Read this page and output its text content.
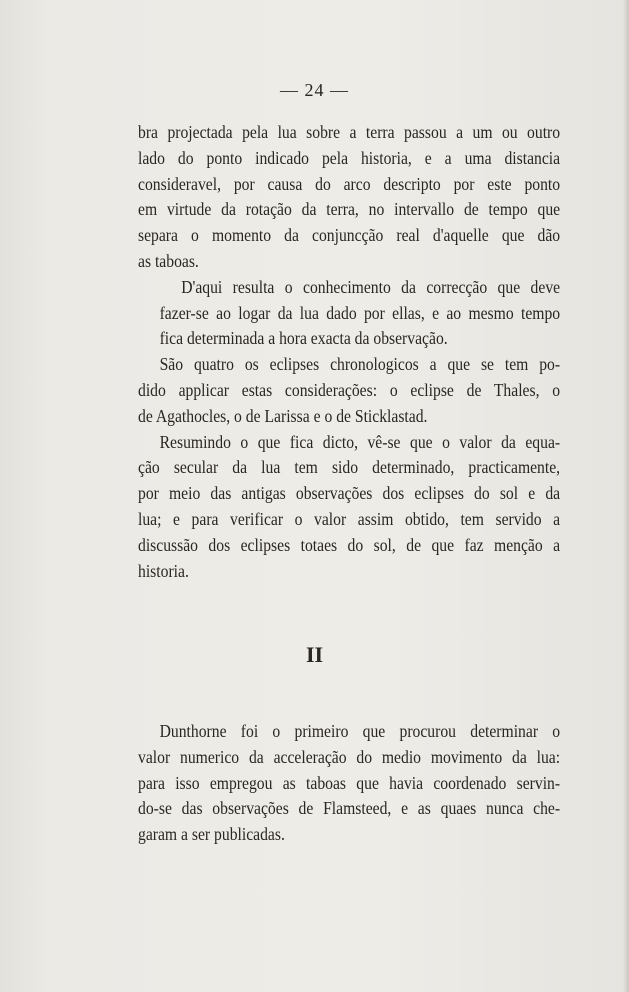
— 24 —

bra projectada pela lua sobre a terra passou a um ou outro
lado do ponto indicado pela historia, e a uma distancia
consideravel, por causa do arco descripto por este ponto
em virtude da rotação da terra, no intervallo de tempo que
separa o momento da conjuncção real d'aquelle que dão
as taboas.

D'aqui resulta o conhecimento da correcção que deve
fazer-se ao logar da lua dado por ellas, e ao mesmo tempo
fica determinada a hora exacta da observação.

São quatro os eclipses chronologicos a que se tem po-
dido applicar estas considerações: o eclipse de Thales, o
de Agathocles, o de Larissa e o de Sticklastad.

Resumindo o que fica dicto, vê-se que o valor da equa-
ção secular da lua tem sido determinado, practicamente,
por meio das antigas observações dos eclipses do sol e da
lua; e para verificar o valor assim obtido, tem servido a
discussão dos eclipses totaes do sol, de que faz menção a
historia.

II

Dunthorne foi o primeiro que procurou determinar o
valor numerico da acceleração do medio movimento da lua:
para isso empregou as taboas que havia coordenado servin-
do-se das observações de Flamsteed, e as quaes nunca che-
garam a ser publicadas.
